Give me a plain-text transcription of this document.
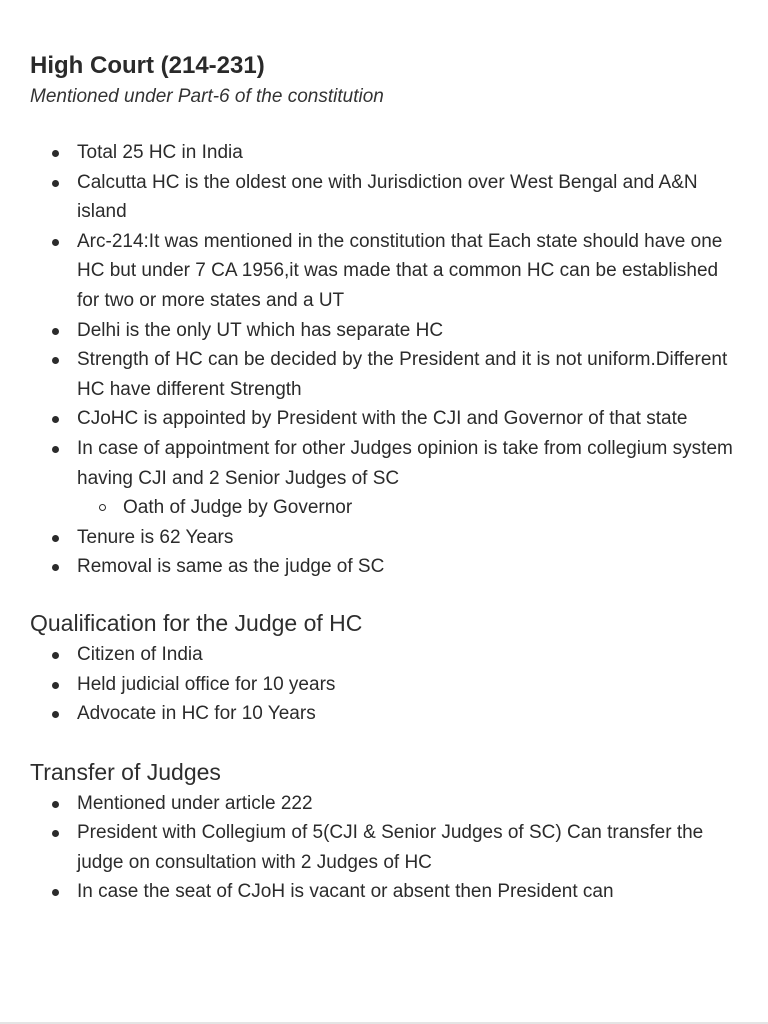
High Court (214-231)
Mentioned under Part-6 of the constitution
Total 25 HC in India
Calcutta HC is the oldest one with Jurisdiction over West Bengal and A&N island
Arc-214:It was mentioned in the constitution that Each state should have one HC but under 7 CA 1956,it was made that a common HC can be established for two or more states and a UT
Delhi is the only UT which has separate HC
Strength of HC can be decided by the President and it is not uniform.Different HC have different Strength
CJoHC is appointed by President with the CJI and Governor of that state
In case of appointment for other Judges opinion is take from collegium system having CJI and 2 Senior Judges of SC
Oath of Judge by Governor
Tenure is 62 Years
Removal is same as the judge of SC
Qualification for the Judge of HC
Citizen of India
Held judicial office for 10 years
Advocate in HC for 10 Years
Transfer of Judges
Mentioned under article 222
President with Collegium of 5(CJI & Senior Judges of SC) Can transfer the judge on consultation with 2 Judges of HC
In case the seat of CJoH is vacant or absent then President can
